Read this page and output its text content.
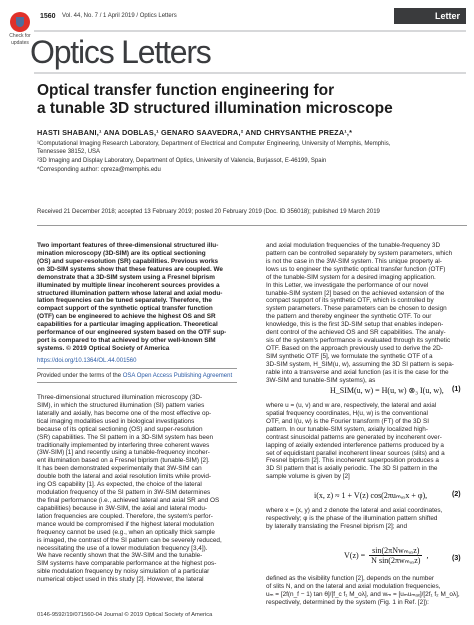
Check for
updates
1560 Vol. 44, No. 7 / 1 April 2019 / Optics Letters	Letter
Optics Letters
Optical transfer function engineering for
a tunable 3D structured illumination microscope
HASTI SHABANI,¹ ANA DOBLAS,¹ GENARO SAAVEDRA,² AND CHRYSANTHE PREZA¹,*
¹Computational Imaging Research Laboratory, Department of Electrical and Computer Engineering, University of Memphis, Memphis,
Tennessee 38152, USA
²3D Imaging and Display Laboratory, Department of Optics, University of Valencia, Burjassot, E-46199, Spain
*Corresponding author: cpreza@memphis.edu
Received 21 December 2018; accepted 13 February 2019; posted 20 February 2019 (Doc. ID 356018); published 19 March 2019
Two important features of three-dimensional structured illu-
mination microscopy (3D-SIM) are its optical sectioning
(OS) and super-resolution (SR) capabilities. Previous works
on 3D-SIM systems show that these features are coupled. We
demonstrate that a 3D-SIM system using a Fresnel biprism
illuminated by multiple linear incoherent sources provides a
structured illumination pattern whose lateral and axial modu-
lation frequencies can be tuned separately. Therefore, the
compact support of the synthetic optical transfer function
(OTF) can be engineered to achieve the highest OS and SR
capabilities for a particular imaging application. Theoretical
performance of our engineered system based on the OTF sup-
port is compared to that achieved by other well-known SIM
systems. © 2019 Optical Society of America
https://doi.org/10.1364/OL.44.001560
Provided under the terms of the OSA Open Access Publishing Agreement
Three-dimensional structured illumination microscopy (3D-
SIM), in which the structured illumination (SI) pattern varies
laterally and axially, has become one of the most effective op-
tical imaging modalities used in biological investigations
because of its optical sectioning (OS) and super-resolution
(SR) capabilities. The SI pattern in a 3D-SIM system has been
traditionally implemented by interfering three coherent waves
(3W-SIM) [1] and recently using a tunable-frequency incoher-
ent illumination based on a Fresnel biprism (tunable-SIM) [2].
It has been demonstrated experimentally that 3W-SIM can
double both the lateral and axial resolution limits while provid-
ing OS capability [1]. As expected, the choice of the lateral
modulation frequency of the SI pattern in 3W-SIM determines
the final performance (i.e., achieved lateral and axial SR and OS
capabilities) because in 3W-SIM, the axial and lateral modu-
lation frequencies are coupled. Therefore, the system's perfor-
mance would be compromised if the highest lateral modulation
frequency cannot be used (e.g., when an optically thick sample
is imaged, the contrast of the SI pattern can be severely reduced,
necessitating the use of a lower modulation frequency [3,4]).
We have recently shown that the 3W-SIM and the tunable-
SIM systems have comparable performance at the highest pos-
sible modulation frequency by noisy simulation of a particular
numerical object used in this study [2]. However, the lateral
and axial modulation frequencies of the tunable-frequency 3D
pattern can be controlled separately by system parameters, which
is not the case in the 3W-SIM system. This unique property al-
lows us to engineer the synthetic optical transfer function (OTF)
of the tunable-SIM system for a desired imaging application.
In this Letter, we investigate the performance of our novel
tunable-SIM system [2] based on the achieved extension of the
compact support of its synthetic OTF, which is controlled by
system parameters. These parameters can be chosen to design
the pattern and thereby engineer the synthetic OTF. To our
knowledge, this is the first 3D-SIM setup that enables indepen-
dent control of the achieved OS and SR capabilities. The analy-
sis of the system's performance is evaluated through its synthetic
OTF. Based on the approach previously used to derive the 2D-
SIM synthetic OTF [5], we formulate the synthetic OTF of a
3D-SIM system, H_SIM(u, w), assuming the 3D SI pattern is sepa-
rable into a transverse and axial function (as it is the case for the
3W-SIM and tunable-SIM systems), as
H_SIM(u, w) = H(u, w) ⊗₃ I(u, w), (1)
where u = (u, v) and w are, respectively, the lateral and axial
spatial frequency coordinates, H(u, w) is the conventional
OTF, and I(u, w) is the Fourier transform (FT) of the 3D SI
pattern. In our tunable-SIM system, axially localized high-
contrast sinusoidal patterns are generated by incoherent over-
lapping of axially extended interference patterns produced by a
set of equidistant parallel incoherent linear sources (slits) and a
Fresnel biprism [2]. This incoherent superposition produces a
3D SI pattern that is axially periodic. The 3D SI pattern in the
sample volume is given by [2]
i(x, z) ≈ 1 + V(z) cos(2πuₘₐₓx + φ),	(2)
where x = (x, y) and z denote the lateral and axial coordinates,
respectively; φ is the phase of the illumination pattern shifted
by laterally translating the Fresnel biprism [2]; and
V(z) =
sin(2πNwₘₐₓz)
N sin(2πwₘₐₓz)
,	(3)
defined as the visibility function [2], depends on the number
of slits N, and on the lateral and axial modulation frequencies,
uₘ = [2f(n_f − 1) tan θ]/[f_c f₁ M_oλ], and wₘ = [uₘuₘₐₓ]/[2f₁ f₂ M_oλ],
respectively, determined by the system (Fig. 1 in Ref. [2]):
0146-9592/19/071560-04 Journal © 2019 Optical Society of America
